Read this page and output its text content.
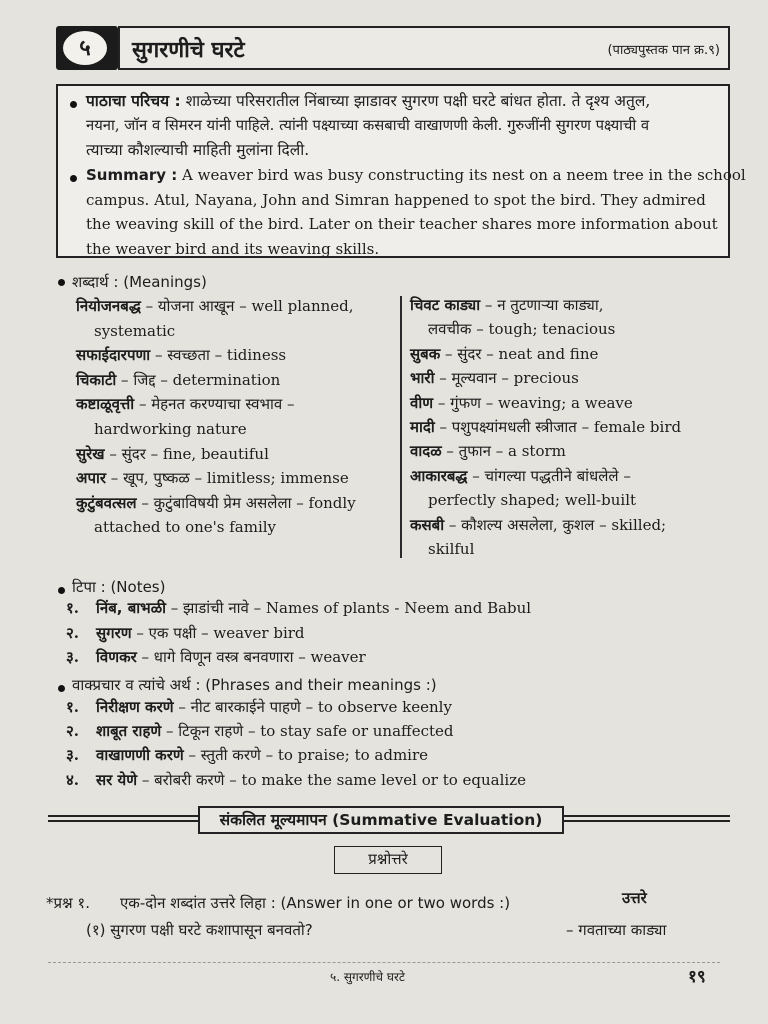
५	सुगरणीचे घरटे	(पाठ्यपुस्तक पान क्र.९)
पाठाचा परिचय : शाळेच्या परिसरातील निंबाच्या झाडावर सुगरण पक्षी घरटे बांधत होता. ते दृश्य अतुल,
नयना, जॉन व सिमरन यांनी पाहिले. त्यांनी पक्ष्याच्या कसबाची वाखाणणी केली. गुरुजींनी सुगरण पक्ष्याची व
त्याच्या कौशल्याची माहिती मुलांना दिली.
Summary : A weaver bird was busy constructing its nest on a neem tree in the school
campus. Atul, Nayana, John and Simran happened to spot the bird. They admired
the weaving skill of the bird. Later on their teacher shares more information about
the weaver bird and its weaving skills.
शब्दार्थ : (Meanings)
नियोजनबद्ध – योजना आखून – well planned,
systematic
सफाईदारपणा – स्वच्छता – tidiness
चिकाटी – जिद्द – determination
कष्टाळूवृत्ती – मेहनत करण्याचा स्वभाव –
hardworking nature
सुरेख – सुंदर – fine, beautiful
अपार – खूप, पुष्कळ – limitless; immense
कुटुंबवत्सल – कुटुंबाविषयी प्रेम असलेला – fondly
attached to one's family
चिवट काड्या – न तुटणाऱ्या काड्या,
लवचीक – tough; tenacious
सुबक – सुंदर – neat and fine
भारी – मूल्यवान – precious
वीण – गुंफण – weaving; a weave
मादी – पशुपक्ष्यांमधली स्त्रीजात – female bird
वादळ – तुफान – a storm
आकारबद्ध – चांगल्या पद्धतीने बांधलेले –
perfectly shaped; well-built
कसबी – कौशल्य असलेला, कुशल – skilled;
skilful
टिपा : (Notes)
१. निंब, बाभळी – झाडांची नावे – Names of plants - Neem and Babul
२. सुगरण – एक पक्षी – weaver bird
३. विणकर – धागे विणून वस्त्र बनवणारा – weaver
वाक्प्रचार व त्यांचे अर्थ : (Phrases and their meanings :)
१. निरीक्षण करणे – नीट बारकाईने पाहणे – to observe keenly
२. शाबूत राहणे – टिकून राहणे – to stay safe or unaffected
३. वाखाणणी करणे – स्तुती करणे – to praise; to admire
४. सर येणे – बरोबरी करणे – to make the same level or to equalize
संकलित मूल्यमापन (Summative Evaluation)
प्रश्नोत्तरे
*प्रश्न १. एक-दोन शब्दांत उत्तरे लिहा : (Answer in one or two words :)	उत्तरे
(१) सुगरण पक्षी घरटे कशापासून बनवतो?	– गवताच्या काड्या
५. सुगरणीचे घरटे	१९
